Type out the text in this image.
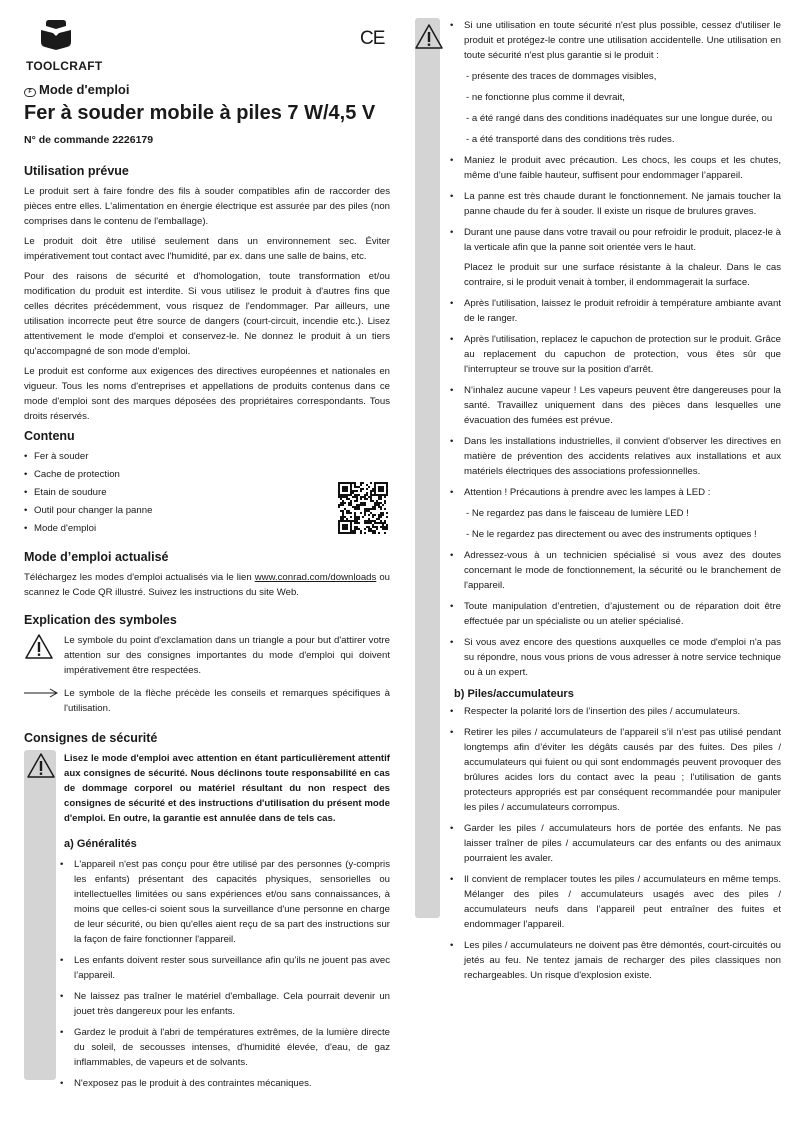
TOOLCRAFT
CE
F Mode d'emploi
Fer à souder mobile à piles 7 W/4,5 V
N° de commande 2226179
Utilisation prévue

Le produit sert à faire fondre des fils à souder compatibles afin de raccorder des pièces entre elles. L'alimentation en énergie électrique est assurée par des piles (non comprises dans le contenu de l'emballage).

Le produit doit être utilisé seulement dans un environnement sec. Éviter impérativement tout contact avec l'humidité, par ex. dans une salle de bains, etc.

Pour des raisons de sécurité et d'homologation, toute transformation et/ou modification du produit est interdite. Si vous utilisez le produit à d'autres fins que celles décrites précédemment, vous risquez de l'endommager. Par ailleurs, une utilisation incorrecte peut être source de dangers (court-circuit, incendie etc.). Lisez attentivement le mode d'emploi et conservez-le. Ne donnez le produit à un tiers qu'accompagné de son mode d'emploi.

Le produit est conforme aux exigences des directives européennes et nationales en vigueur. Tous les noms d'entreprises et appellations de produits contenus dans ce mode d'emploi sont des marques déposées des propriétaires correspondants. Tous droits réservés.

Contenu
• Fer à souder
• Cache de protection
• Etain de soudure
• Outil pour changer la panne
• Mode d'emploi
Mode d’emploi actualisé

Téléchargez les modes d'emploi actualisés via le lien www.conrad.com/downloads ou scannez le Code QR illustré. Suivez les instructions du site Web.

Explication des symboles
Le symbole du point d'exclamation dans un triangle a pour but d'attirer votre attention sur des consignes importantes du mode d'emploi qui doivent impérativement être respectées.
Le symbole de la flèche précède les conseils et remarques spécifiques à l'utilisation.
Consignes de sécurité

Lisez le mode d'emploi avec attention en étant particulièrement attentif aux consignes de sécurité. Nous déclinons toute responsabilité en cas de dommage corporel ou matériel résultant du non respect des consignes de sécurité et des instructions d'utilisation du présent mode d'emploi. En outre, la garantie est annulée dans de tels cas.

a) Généralités
• L'appareil n'est pas conçu pour être utilisé par des personnes (y-compris les enfants) présentant des capacités physiques, sensorielles ou intellectuelles limitées ou sans expériences et/ou sans connaissances, à moins que celles-ci soient sous la surveillance d'une personne en charge de leur sécurité, ou bien qu'elles aient reçu de sa part des instructions sur la façon de faire fonctionner l'appareil.
• Les enfants doivent rester sous surveillance afin qu’ils ne jouent pas avec l’appareil.
• Ne laissez pas traîner le matériel d'emballage. Cela pourrait devenir un jouet très dangereux pour les enfants.
• Gardez le produit à l'abri de températures extrêmes, de la lumière directe du soleil, de secousses intenses, d'humidité élevée, d'eau, de gaz inflammables, de vapeurs et de solvants.
• N'exposez pas le produit à des contraintes mécaniques.
• Si une utilisation en toute sécurité n'est plus possible, cessez d'utiliser le produit et protégez-le contre une utilisation accidentelle. Une utilisation en toute sécurité n'est plus garantie si le produit :
- présente des traces de dommages visibles,
- ne fonctionne plus comme il devrait,
- a été rangé dans des conditions inadéquates sur une longue durée, ou
- a été transporté dans des conditions très rudes.
• Maniez le produit avec précaution. Les chocs, les coups et les chutes, même d’une faible hauteur, suffisent pour endommager l’appareil.
• La panne est très chaude durant le fonctionnement. Ne jamais toucher la panne chaude du fer à souder. Il existe un risque de brulures graves.
• Durant une pause dans votre travail ou pour refroidir le produit, placez-le à la verticale afin que la panne soit orientée vers le haut.
Placez le produit sur une surface résistante à la chaleur. Dans le cas contraire, si le produit venait à tomber, il endommagerait la surface.
• Après l'utilisation, laissez le produit refroidir à température ambiante avant de le ranger.
• Après l'utilisation, replacez le capuchon de protection sur le produit. Grâce au replacement du capuchon de protection, vous êtes sûr que l'interrupteur se trouve sur la position d'arrêt.
• N’inhalez aucune vapeur ! Les vapeurs peuvent être dangereuses pour la santé. Travaillez uniquement dans des pièces dans lesquelles une évacuation des fumées est prévue.
• Dans les installations industrielles, il convient d'observer les directives en matière de prévention des accidents relatives aux installations et aux matériels électriques des associations professionnelles.
• Attention ! Précautions à prendre avec les lampes à LED :
- Ne regardez pas dans le faisceau de lumière LED !
- Ne le regardez pas directement ou avec des instruments optiques !
• Adressez-vous à un technicien spécialisé si vous avez des doutes concernant le mode de fonctionnement, la sécurité ou le branchement de l'appareil.
• Toute manipulation d’entretien, d’ajustement ou de réparation doit être effectuée par un spécialiste ou un atelier spécialisé.
• Si vous avez encore des questions auxquelles ce mode d'emploi n'a pas su répondre, nous vous prions de vous adresser à notre service technique ou à un expert.
b) Piles/accumulateurs
• Respecter la polarité lors de l’insertion des piles / accumulateurs.
• Retirer les piles / accumulateurs de l’appareil s’il n’est pas utilisé pendant longtemps afin d’éviter les dégâts causés par des fuites. Des piles / accumulateurs qui fuient ou qui sont endommagés peuvent provoquer des brûlures acides lors du contact avec la peau ; l’utilisation de gants protecteurs appropriés est par conséquent recommandée pour manipuler les piles / accumulateurs corrompus.
• Garder les piles / accumulateurs hors de portée des enfants. Ne pas laisser traîner de piles / accumulateurs car des enfants ou des animaux pourraient les avaler.
• Il convient de remplacer toutes les piles / accumulateurs en même temps. Mélanger des piles / accumulateurs usagés avec des piles / accumulateurs neufs dans l’appareil peut entraîner des fuites et endommager l’appareil.
• Les piles / accumulateurs ne doivent pas être démontés, court-circuités ou jetés au feu. Ne tentez jamais de recharger des piles classiques non rechargeables. Un risque d'explosion existe.
